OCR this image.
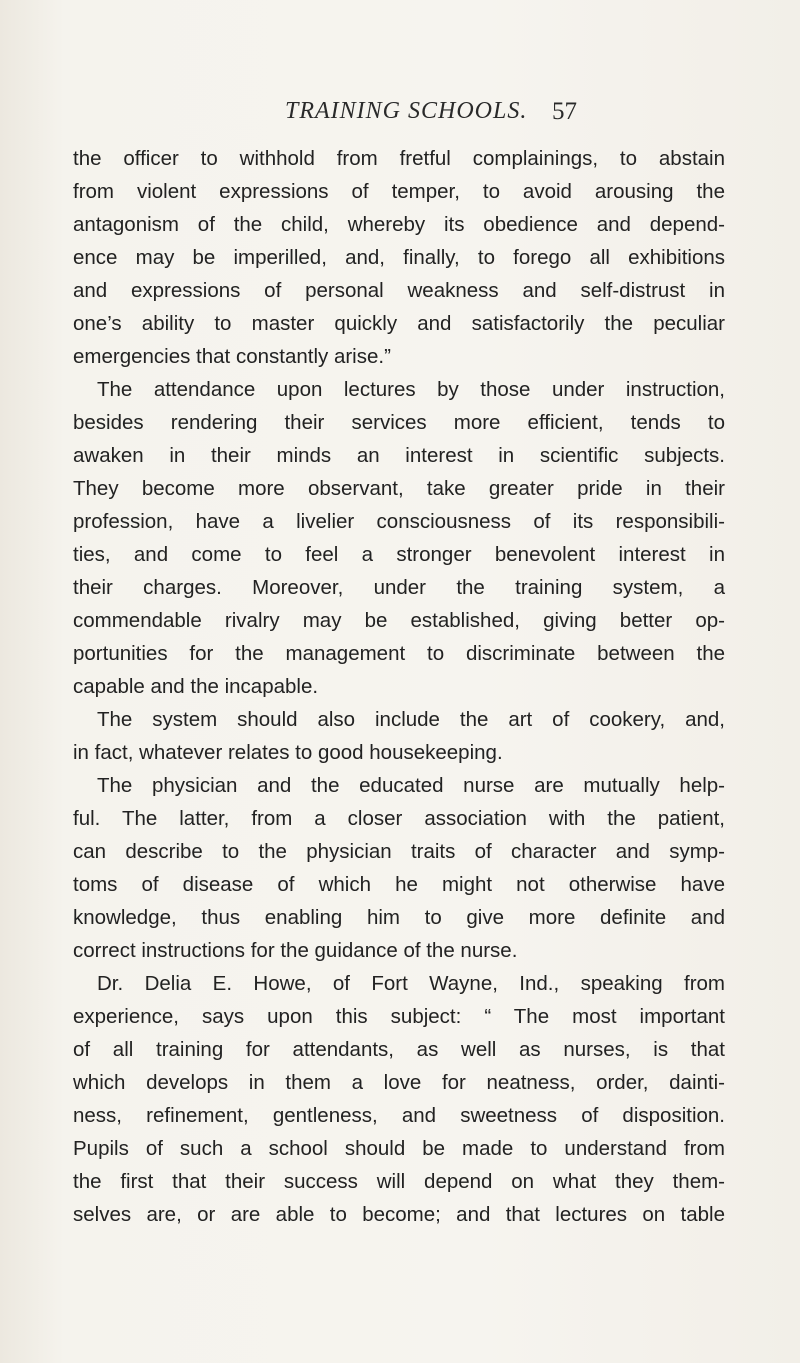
TRAINING SCHOOLS. 57
the officer to withhold from fretful complainings, to abstain
from violent expressions of temper, to avoid arousing the
antagonism of the child, whereby its obedience and depend-
ence may be imperilled, and, finally, to forego all exhibitions
and expressions of personal weakness and self-distrust in
one’s ability to master quickly and satisfactorily the peculiar
emergencies that constantly arise.”
The attendance upon lectures by those under instruction,
besides rendering their services more efficient, tends to
awaken in their minds an interest in scientific subjects.
They become more observant, take greater pride in their
profession, have a livelier consciousness of its responsibili-
ties, and come to feel a stronger benevolent interest in
their charges. Moreover, under the training system, a
commendable rivalry may be established, giving better op-
portunities for the management to discriminate between the
capable and the incapable.
The system should also include the art of cookery, and,
in fact, whatever relates to good housekeeping.
The physician and the educated nurse are mutually help-
ful. The latter, from a closer association with the patient,
can describe to the physician traits of character and symp-
toms of disease of which he might not otherwise have
knowledge, thus enabling him to give more definite and
correct instructions for the guidance of the nurse.
Dr. Delia E. Howe, of Fort Wayne, Ind., speaking from
experience, says upon this subject: “ The most important
of all training for attendants, as well as nurses, is that
which develops in them a love for neatness, order, dainti-
ness, refinement, gentleness, and sweetness of disposition.
Pupils of such a school should be made to understand from
the first that their success will depend on what they them-
selves are, or are able to become; and that lectures on table
